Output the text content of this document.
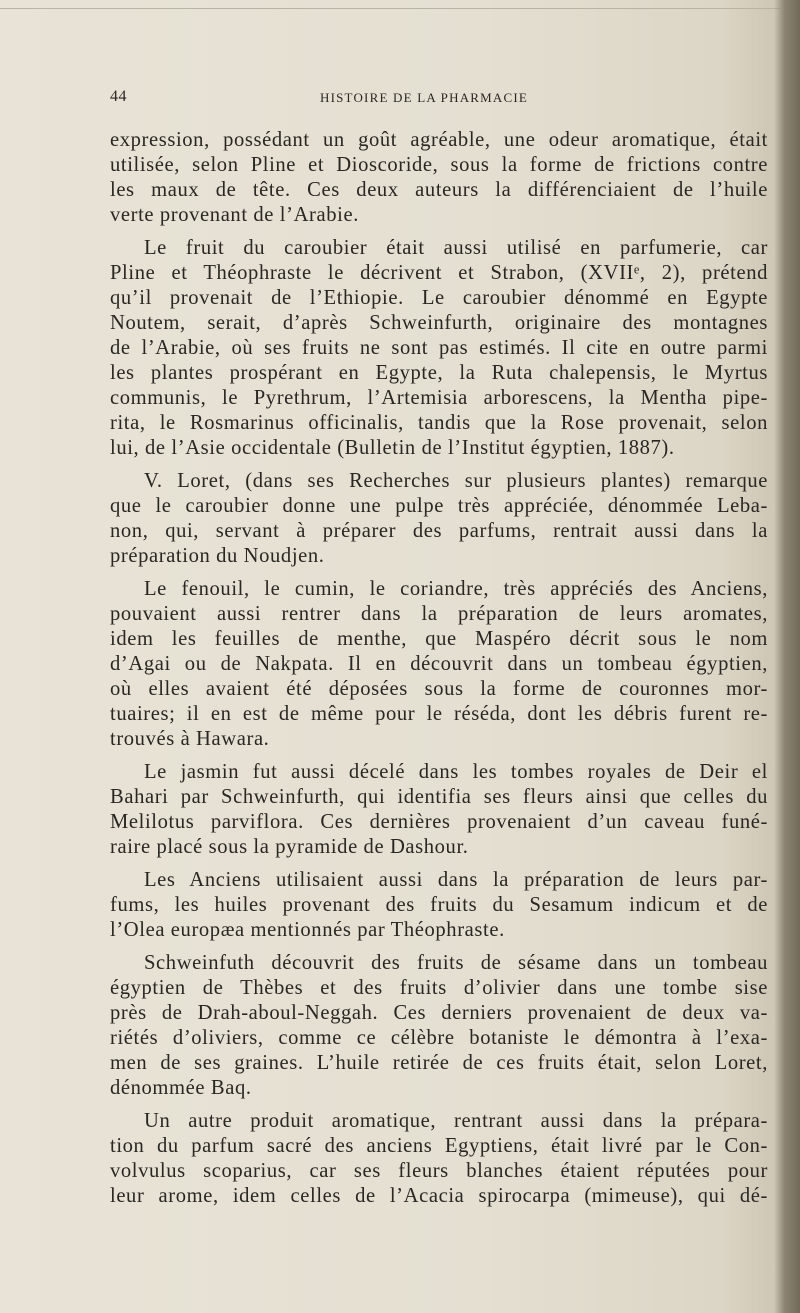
44	HISTOIRE DE LA PHARMACIE

expression, possédant un goût agréable, une odeur aromatique, était
utilisée, selon Pline et Dioscoride, sous la forme de frictions contre
les maux de tête. Ces deux auteurs la différenciaient de l’huile
verte provenant de l’Arabie.

Le fruit du caroubier était aussi utilisé en parfumerie, car
Pline et Théophraste le décrivent et Strabon, (XVIIᵉ, 2), prétend
qu’il provenait de l’Ethiopie. Le caroubier dénommé en Egypte
Noutem, serait, d’après Schweinfurth, originaire des montagnes
de l’Arabie, où ses fruits ne sont pas estimés. Il cite en outre parmi
les plantes prospérant en Egypte, la Ruta chalepensis, le Myrtus
communis, le Pyrethrum, l’Artemisia arborescens, la Mentha pipe-
rita, le Rosmarinus officinalis, tandis que la Rose provenait, selon
lui, de l’Asie occidentale (Bulletin de l’Institut égyptien, 1887).

V. Loret, (dans ses Recherches sur plusieurs plantes) remarque
que le caroubier donne une pulpe très appréciée, dénommée Leba-
non, qui, servant à préparer des parfums, rentrait aussi dans la
préparation du Noudjen.

Le fenouil, le cumin, le coriandre, très appréciés des Anciens,
pouvaient aussi rentrer dans la préparation de leurs aromates,
idem les feuilles de menthe, que Maspéro décrit sous le nom
d’Agai ou de Nakpata. Il en découvrit dans un tombeau égyptien,
où elles avaient été déposées sous la forme de couronnes mor-
tuaires; il en est de même pour le réséda, dont les débris furent re-
trouvés à Hawara.

Le jasmin fut aussi décelé dans les tombes royales de Deir el
Bahari par Schweinfurth, qui identifia ses fleurs ainsi que celles du
Melilotus parviflora. Ces dernières provenaient d’un caveau funé-
raire placé sous la pyramide de Dashour.

Les Anciens utilisaient aussi dans la préparation de leurs par-
fums, les huiles provenant des fruits du Sesamum indicum et de
l’Olea europæa mentionnés par Théophraste.

Schweinfuth découvrit des fruits de sésame dans un tombeau
égyptien de Thèbes et des fruits d’olivier dans une tombe sise
près de Drah-aboul-Neggah. Ces derniers provenaient de deux va-
riétés d’oliviers, comme ce célèbre botaniste le démontra à l’exa-
men de ses graines. L’huile retirée de ces fruits était, selon Loret,
dénommée Baq.

Un autre produit aromatique, rentrant aussi dans la prépara-
tion du parfum sacré des anciens Egyptiens, était livré par le Con-
volvulus scoparius, car ses fleurs blanches étaient réputées pour
leur arome, idem celles de l’Acacia spirocarpa (mimeuse), qui dé-
